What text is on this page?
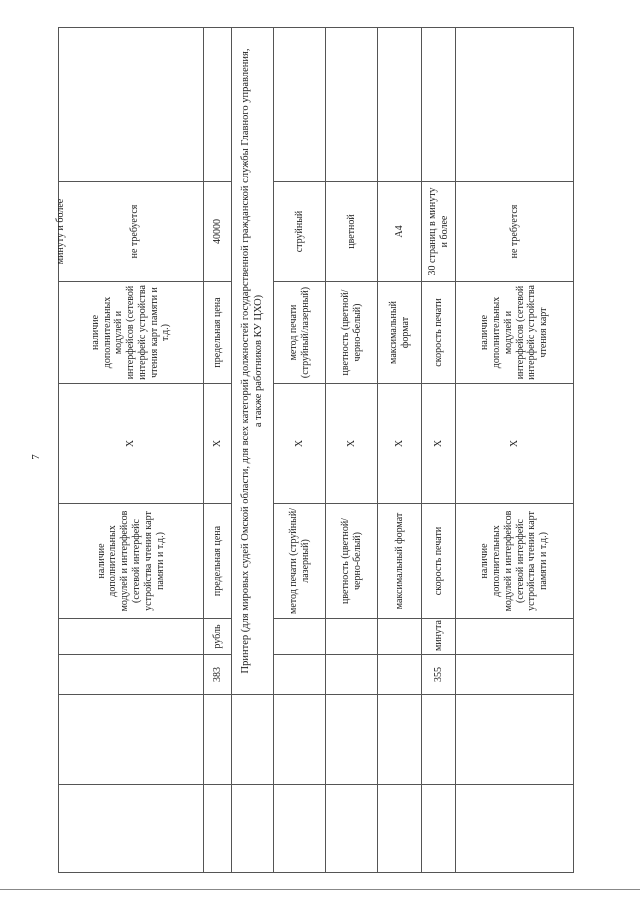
7
				наличие дополнительных модулей и интерфейсов (сетевой интерфейс устройства чтения карт памяти и т.д.)	Х	наличие дополнительных модулей и интерфейсов (сетевой интерфейс устройства чтения карт памяти и т.д.)	минуту и более не требуется	
		383	рубль	предельная цена	Х	предельная цена	40000	
		Принтер (для мировых судей Омской области, для всех категорий должностей государственной гражданской службы Главного управления, а также работников КУ ЦХО)						
				метод печати (струйный/лазерный)	Х	метод печати (струйный/лазерный)	струйный	
				цветность (цветной/черно-белый)	Х	цветность (цветной/черно-белый)	цветной	
				максимальный формат	Х	максимальный формат	А4	
		355	минута	скорость печати	Х	скорость печати	30 страниц в минуту и более	
				наличие дополнительных модулей и интерфейсов (сетевой интерфейс устройства чтения карт памяти и т.д.)	Х	наличие дополнительных модулей и интерфейсов (сетевой интерфейс устройства чтения карт	не требуется	
